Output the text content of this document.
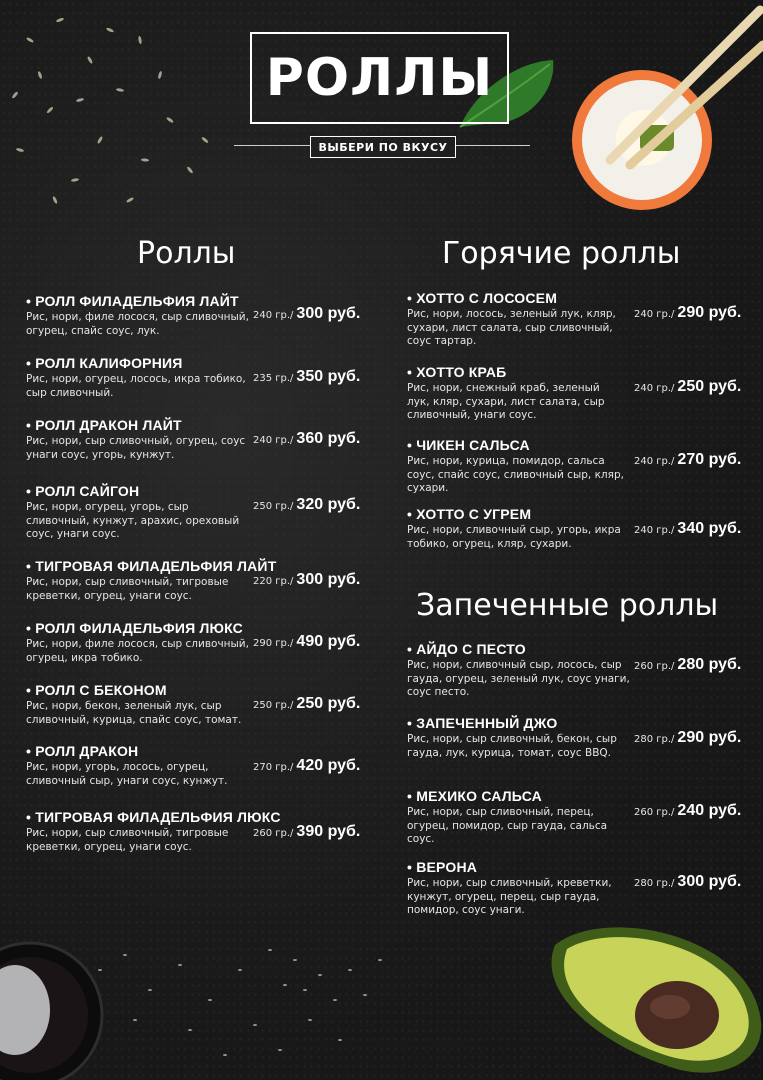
РОЛЛЫ
ВЫБЕРИ ПО ВКУСУ
Роллы	Горячие роллы
Запеченные роллы
• РОЛЛ ФИЛАДЕЛЬФИЯ ЛАЙТ
Рис, нори, филе лосося, сыр сливочный, огурец, спайс соус, лук.
240 гр./ 300 руб.
• РОЛЛ КАЛИФОРНИЯ
Рис, нори, огурец, лосось, икра тобико, сыр сливочный.
235 гр./ 350 руб.
• РОЛЛ ДРАКОН ЛАЙТ
Рис, нори, сыр сливочный, огурец, соус унаги соус, угорь, кунжут.
240 гр./ 360 руб.
• РОЛЛ САЙГОН
Рис, нори, огурец, угорь, сыр сливочный, кунжут, арахис, ореховый соус, унаги соус.
250 гр./ 320 руб.
• ТИГРОВАЯ ФИЛАДЕЛЬФИЯ ЛАЙТ
Рис, нори, сыр сливочный, тигровые креветки, огурец, унаги соус.
220 гр./ 300 руб.
• РОЛЛ ФИЛАДЕЛЬФИЯ ЛЮКС
Рис, нори, филе лосося, сыр сливочный, огурец, икра тобико.
290 гр./ 490 руб.
• РОЛЛ С БЕКОНОМ
Рис, нори, бекон, зеленый лук, сыр сливочный, курица, спайс соус, томат.
250 гр./ 250 руб.
• РОЛЛ ДРАКОН
Рис, нори, угорь, лосось, огурец, сливочный сыр, унаги соус, кунжут.
270 гр./ 420 руб.
• ТИГРОВАЯ ФИЛАДЕЛЬФИЯ ЛЮКС
Рис, нори, сыр сливочный, тигровые креветки, огурец, унаги соус.
260 гр./ 390 руб.
• ХОТТО С ЛОСОСЕМ
Рис, нори, лосось, зеленый лук, кляр, сухари, лист салата, сыр сливочный, соус тартар.
240 гр./ 290 руб.
• ХОТТО КРАБ
Рис, нори, снежный краб, зеленый лук, кляр, сухари, лист салата, сыр сливочный, унаги соус.
240 гр./ 250 руб.
• ЧИКЕН САЛЬСА
Рис, нори, курица, помидор, сальса соус, спайс соус, сливочный сыр, кляр, сухари.
240 гр./ 270 руб.
• ХОТТО С УГРЕМ
Рис, нори, сливочный сыр, угорь, икра тобико, огурец, кляр, сухари.
240 гр./ 340 руб.
• АЙДО С ПЕСТО
Рис, нори, сливочный сыр, лосось, сыр гауда, огурец, зеленый лук, соус унаги, соус песто.
260 гр./ 280 руб.
• ЗАПЕЧЕННЫЙ ДЖО
Рис, нори, сыр сливочный, бекон, сыр гауда, лук, курица, томат, соус BBQ.
280 гр./ 290 руб.
• МЕХИКО САЛЬСА
Рис, нори, сыр сливочный, перец, огурец, помидор, сыр гауда, сальса соус.
260 гр./ 240 руб.
• ВЕРОНА
Рис, нори, сыр сливочный, креветки, кунжут, огурец, перец, сыр гауда, помидор, соус унаги.
280 гр./ 300 руб.
